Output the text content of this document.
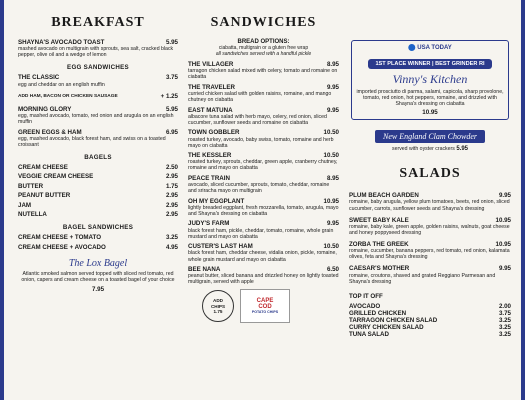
BREAKFAST
SHAYNA'S AVOCADO TOAST	5.95
mashed avocado on multigrain with sprouts, sea salt, cracked black pepper, olive oil and a wedge of lemon
EGG SANDWICHES
THE CLASSIC	3.75
egg and cheddar on an english muffin
ADD HAM, BACON OR CHICKEN SAUSAGE	+ 1.25
MORNING GLORY	5.95
egg, mashed avocado, tomato, red onion and arugula on an english muffin
GREEN EGGS & HAM	6.95
egg, mashed avocado, black forest ham, and swiss on a toasted croissant
BAGELS
CREAM CHEESE	2.50
VEGGIE CREAM CHEESE	2.95
BUTTER	1.75
PEANUT BUTTER	2.95
JAM	2.95
NUTELLA	2.95
BAGEL SANDWICHES
CREAM CHEESE + TOMATO	3.25
CREAM CHEESE + AVOCADO	4.95
The Lox Bagel
Atlantic smoked salmon served topped with sliced red tomato, red onion, capers and cream cheese on a toasted bagel of your choice
7.95
SANDWICHES
BREAD OPTIONS:
ciabatta, multigrain or a gluten free wrap
all sandwiches served with a handful pickle
THE VILLAGER	8.95
tarragon chicken salad mixed with celery, tomato and romaine on ciabatta
THE TRAVELER	9.95
curried chicken salad with golden raisins, romaine, and mango chutney on ciabatta
EAST MATUNA	9.95
albacore tuna salad with herb mayo, celery, red onion, sliced cucumber, sunflower seeds and romaine on ciabatta
TOWN GOBBLER	10.50
roasted turkey, avocado, baby swiss, tomato, romaine and herb mayo on ciabatta
THE KESSLER	10.50
roasted turkey, sprouts, cheddar, green apple, cranberry chutney, romaine and mayo on ciabatta
PEACE TRAIN	8.95
avocado, sliced cucumber, sprouts, tomato, cheddar, romaine and sriracha mayo on multigrain
OH MY EGGPLANT	10.95
lightly breaded eggplant, fresh mozzarella, tomato, arugula, mayo and Shayna's dressing on ciabatta
JUDY'S FARM	9.95
black forest ham, pickle, cheddar, tomato, romaine, whole grain mustard and mayo on ciabatta
CUSTER'S LAST HAM	10.50
black forest ham, cheddar cheese, vidalia onion, pickle, romaine, whole grain mustard and mayo on ciabatta
BEE NANA	6.50
peanut butter, sliced banana and drizzled honey on lightly toasted multigrain, served with apple
ADD
CHIPS
1.75
CAPE
COD
POTATO CHIPS
USA TODAY
1ST PLACE WINNER | BEST GRINDER RI
Vinny's Kitchen
imported prosciutto di parma, salami, capicola, sharp provolone, tomato, red onion, hot peppers, romaine, and drizzled with Shayna's dressing on ciabatta
10.95
New England Clam Chowder
served with oyster crackers 5.95
SALADS
PLUM BEACH GARDEN	9.95
romaine, baby arugula, yellow plum tomatoes, beets, red onion, sliced cucumber, carrots, sunflower seeds and Shayna's dressing
SWEET BABY KALE	10.95
romaine, baby kale, green apple, golden raisins, walnuts, goat cheese and honey poppyseed dressing
ZORBA THE GREEK	10.95
romaine, cucumber, banana peppers, red tomato, red onion, kalamata olives, feta and Shayna's dressing
CAESAR'S MOTHER	9.95
romaine, croutons, shaved and grated Reggiano Parmesan and Shayna's dressing
TOP IT OFF
AVOCADO	2.00
GRILLED CHICKEN	3.75
TARRAGON CHICKEN SALAD	3.25
CURRY CHICKEN SALAD	3.25
TUNA SALAD	3.25
